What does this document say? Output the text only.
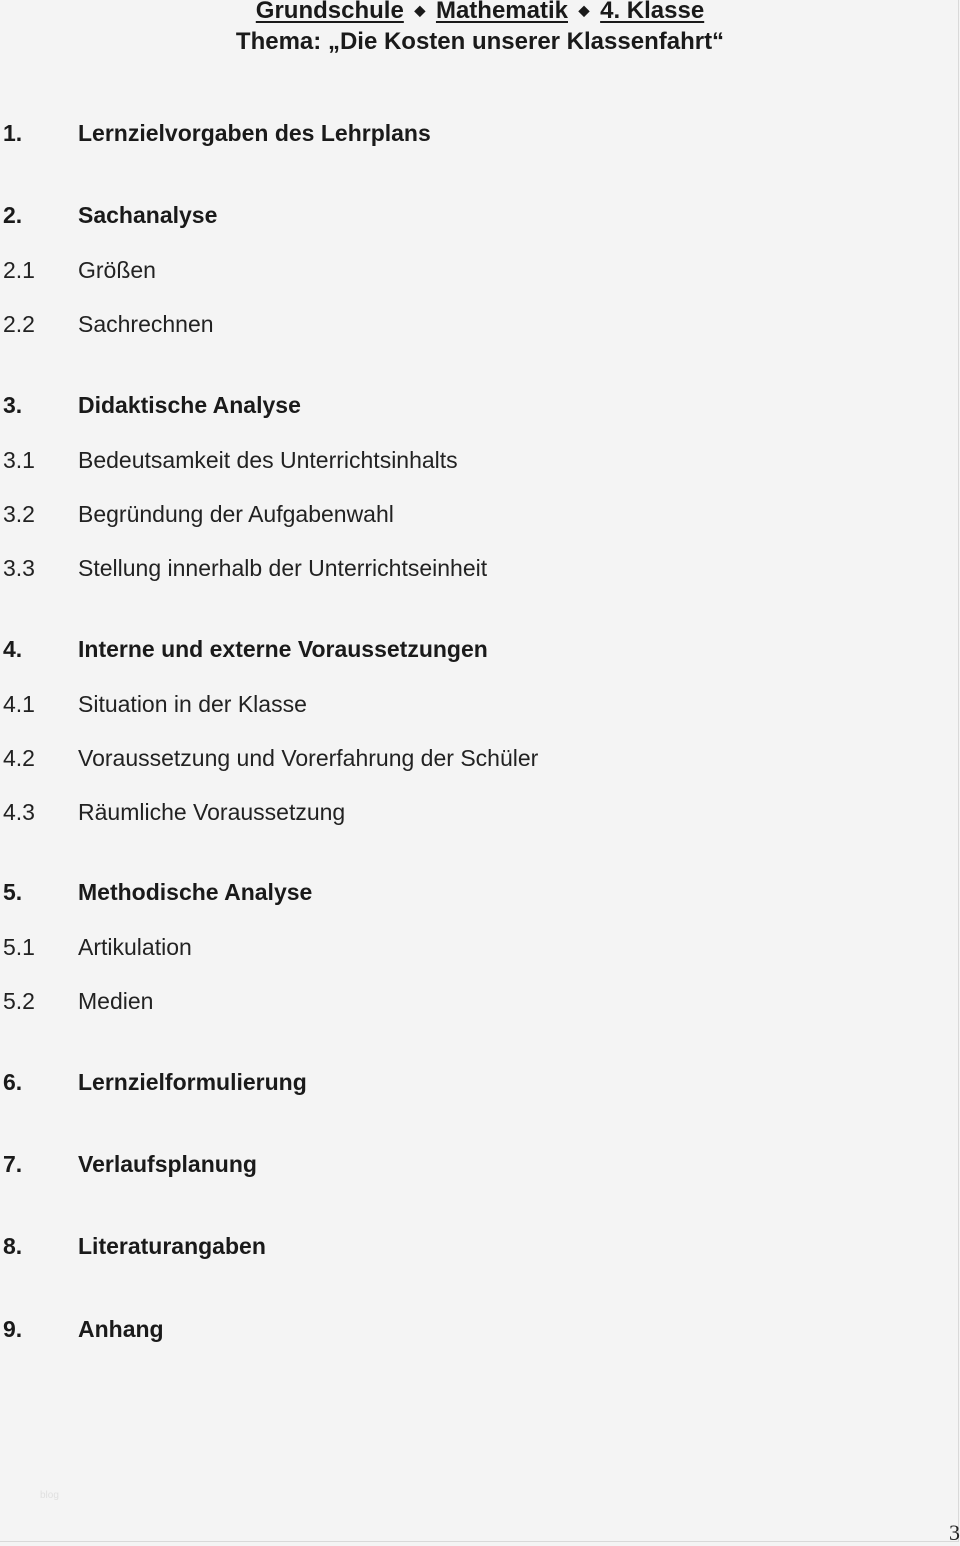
Grundschule ◆ Mathematik ◆ 4. Klasse
Thema: „Die Kosten unserer Klassenfahrt“
1. Lernzielvorgaben des Lehrplans
2. Sachanalyse
2.1 Größen
2.2 Sachrechnen
3. Didaktische Analyse
3.1 Bedeutsamkeit des Unterrichtsinhalts
3.2 Begründung der Aufgabenwahl
3.3 Stellung innerhalb der Unterrichtseinheit
4. Interne und externe Voraussetzungen
4.1 Situation in der Klasse
4.2 Voraussetzung und Vorerfahrung der Schüler
4.3 Räumliche Voraussetzung
5. Methodische Analyse
5.1 Artikulation
5.2 Medien
6. Lernzielformulierung
7. Verlaufsplanung
8. Literaturangaben
9. Anhang
blog
3
